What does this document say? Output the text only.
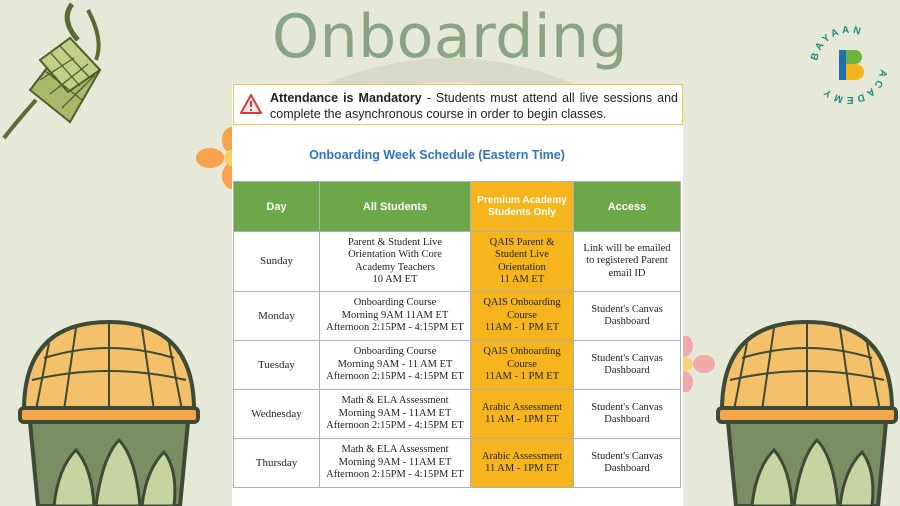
Onboarding	BAYAAN
ACADEMY
Attendance is Mandatory - Students must attend all live sessions and complete the asynchronous course in order to begin classes.
Onboarding Week Schedule (Eastern Time)
Day	All Students	Premium Academy Students Only	Access
Sunday	Parent & Student Live
Orientation With Core
Academy Teachers
10 AM ET	QAIS Parent &
Student Live
Orientation
11 AM ET	Link will be emailed
to registered Parent
email ID
Monday	Onboarding Course
Morning 9AM 11AM ET
Afternoon 2:15PM - 4:15PM ET	QAIS Onboarding
Course
11AM - 1 PM ET	Student's Canvas
Dashboard
Tuesday	Onboarding Course
Morning 9AM - 11 AM ET
Afternoon 2:15PM - 4:15PM ET	QAIS Onboarding
Course
11AM - 1 PM ET	Student's Canvas
Dashboard
Wednesday	Math & ELA Assessment
Morning 9AM - 11AM ET
Afternoon 2:15PM - 4:15PM ET	Arabic Assessment
11 AM - 1PM ET	Student's Canvas
Dashboard
Thursday	Math & ELA Assessment
Morning 9AM - 11AM ET
Afternoon 2:15PM - 4:15PM ET	Arabic Assessment
11 AM - 1PM ET	Student's Canvas
Dashboard
